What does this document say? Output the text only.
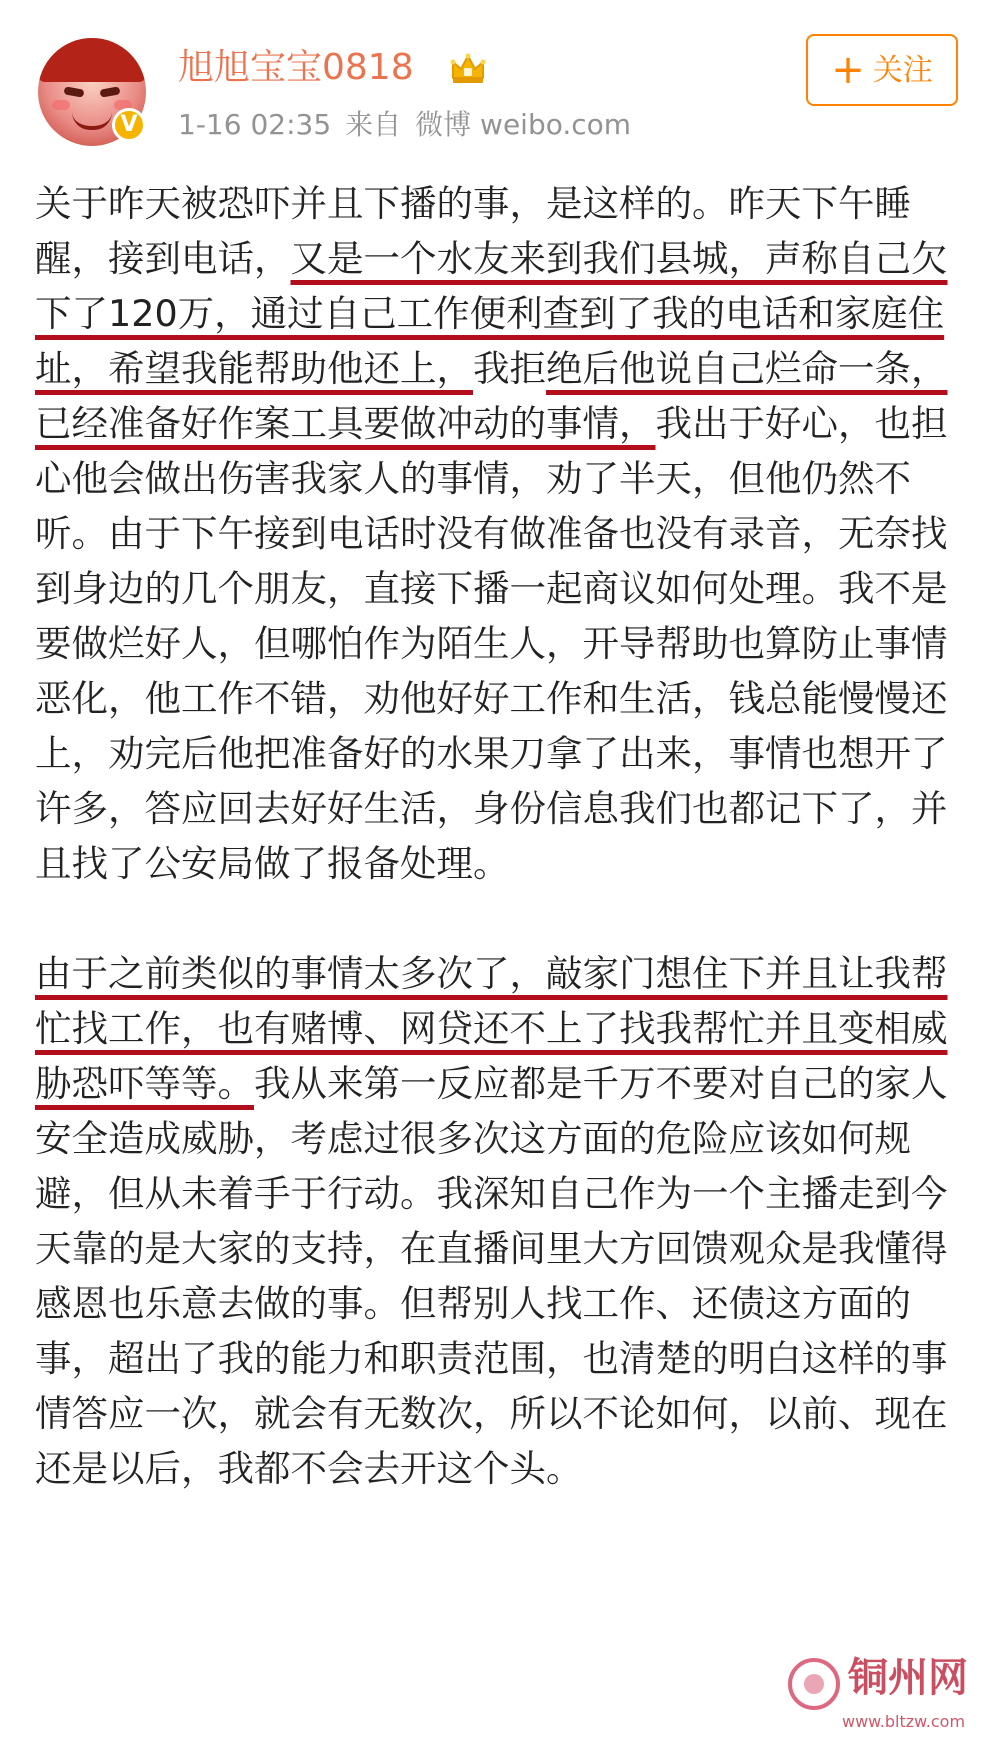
V
旭旭宝宝0818
1-16 02:35 来自 微博 weibo.com
+ 关注

关于昨天被恐吓并且下播的事，是这样的。昨天下午睡醒，接到电话，又是一个水友来到我们县城，声称自己欠下了120万，通过自己工作便利查到了我的电话和家庭住址，希望我能帮助他还上，我拒绝后他说自己烂命一条，已经准备好作案工具要做冲动的事情，我出于好心，也担心他会做出伤害我家人的事情，劝了半天，但他仍然不听。由于下午接到电话时没有做准备也没有录音，无奈找到身边的几个朋友，直接下播一起商议如何处理。我不是要做烂好人，但哪怕作为陌生人，开导帮助也算防止事情恶化，他工作不错，劝他好好工作和生活，钱总能慢慢还上，劝完后他把准备好的水果刀拿了出来，事情也想开了许多，答应回去好好生活，身份信息我们也都记下了，并且找了公安局做了报备处理。

由于之前类似的事情太多次了，敲家门想住下并且让我帮忙找工作，也有赌博、网贷还不上了找我帮忙并且变相威胁恐吓等等。我从来第一反应都是千万不要对自己的家人安全造成威胁，考虑过很多次这方面的危险应该如何规避，但从未着手于行动。我深知自己作为一个主播走到今天靠的是大家的支持，在直播间里大方回馈观众是我懂得感恩也乐意去做的事。但帮别人找工作、还债这方面的事，超出了我的能力和职责范围，也清楚的明白这样的事情答应一次，就会有无数次，所以不论如何，以前、现在还是以后，我都不会去开这个头。

铜州网
www.bltzw.com
